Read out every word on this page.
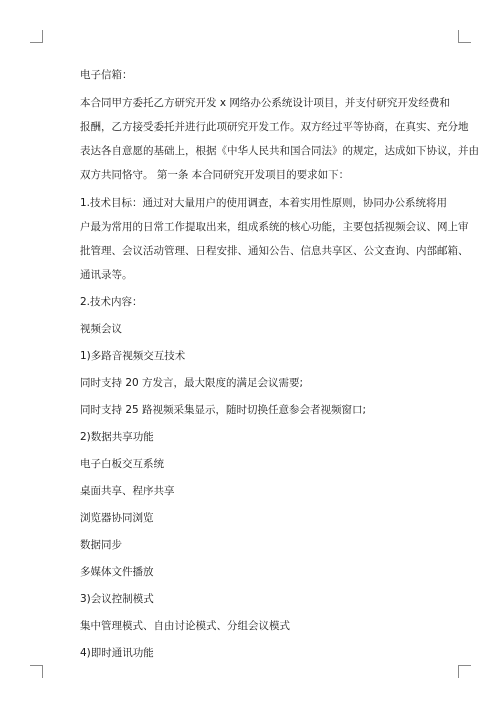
电子信箱：

本合同甲方委托乙方研究开发 x 网络办公系统设计项目，并支付研究开发经费和

报酬，乙方接受委托并进行此项研究开发工作。双方经过平等协商，在真实、充分地

表达各自意愿的基础上，根据《中华人民共和国合同法》的规定，达成如下协议，并由

双方共同恪守。 第一条 本合同研究开发项目的要求如下：

1.技术目标：通过对大量用户的使用调查，本着实用性原则，协同办公系统将用

户最为常用的日常工作提取出来，组成系统的核心功能，主要包括视频会议、网上审

批管理、会议活动管理、日程安排、通知公告、信息共享区、公文查询、内部邮箱、

通讯录等。

2.技术内容：

视频会议

1)多路音视频交互技术

同时支持 20 方发言，最大限度的满足会议需要;

同时支持 25 路视频采集显示，随时切换任意参会者视频窗口;

2)数据共享功能

电子白板交互系统

桌面共享、程序共享

浏览器协同浏览

数据同步

多媒体文件播放

3)会议控制模式

集中管理模式、自由讨论模式、分组会议模式

4)即时通讯功能
